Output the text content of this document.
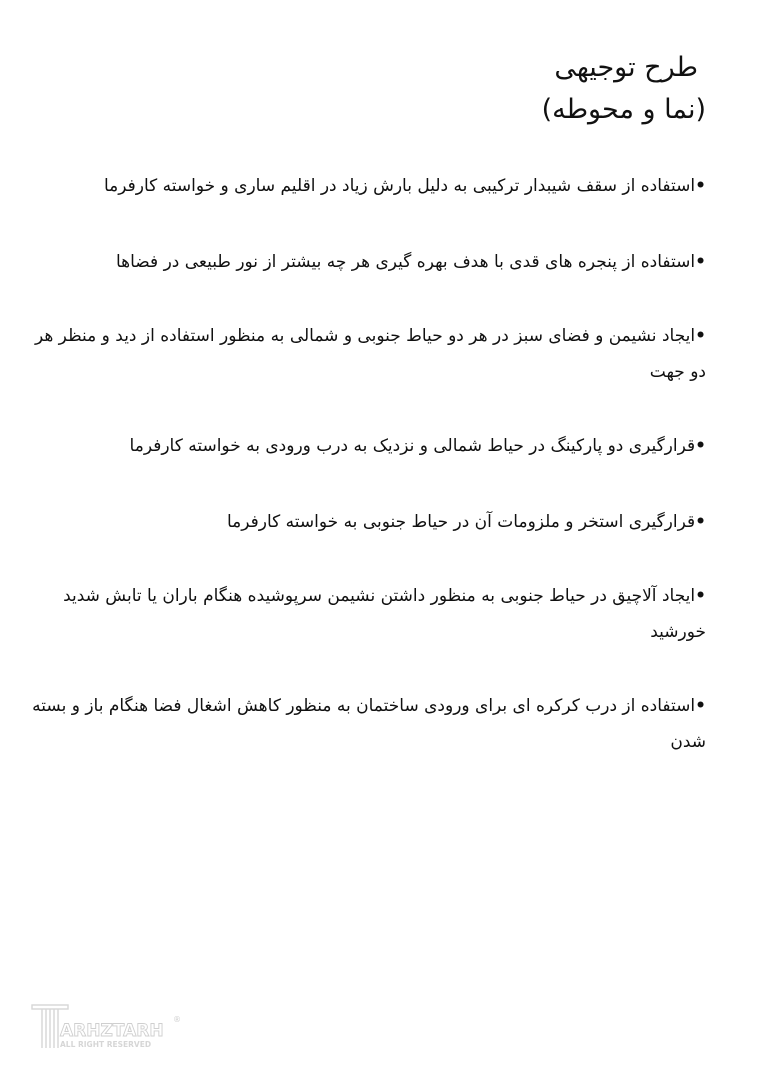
طرح توجیهی

(نما و محوطه)

•استفاده از سقف شیبدار ترکیبی به دلیل بارش زیاد در اقلیم ساری و خواسته کارفرما

•استفاده از پنجره های قدی با هدف بهره گیری هر چه بیشتر از نور طبیعی در فضاها

•ایجاد نشیمن و فضای سبز در هر دو حیاط جنوبی و شمالی به منظور استفاده از دید و منظر هر دو جهت

•قرارگیری دو پارکینگ در حیاط شمالی و نزدیک به درب ورودی به خواسته کارفرما

•قرارگیری استخر و ملزومات آن در حیاط جنوبی به خواسته کارفرما

•ایجاد آلاچیق در حیاط جنوبی به منظور داشتن نشیمن سرپوشیده هنگام باران یا تابش شدید خورشید

•استفاده از درب کرکره ای برای ورودی ساختمان به منظور کاهش اشغال فضا هنگام باز و بسته شدن

ARHZTARH
ALL RIGHT RESERVED
®
